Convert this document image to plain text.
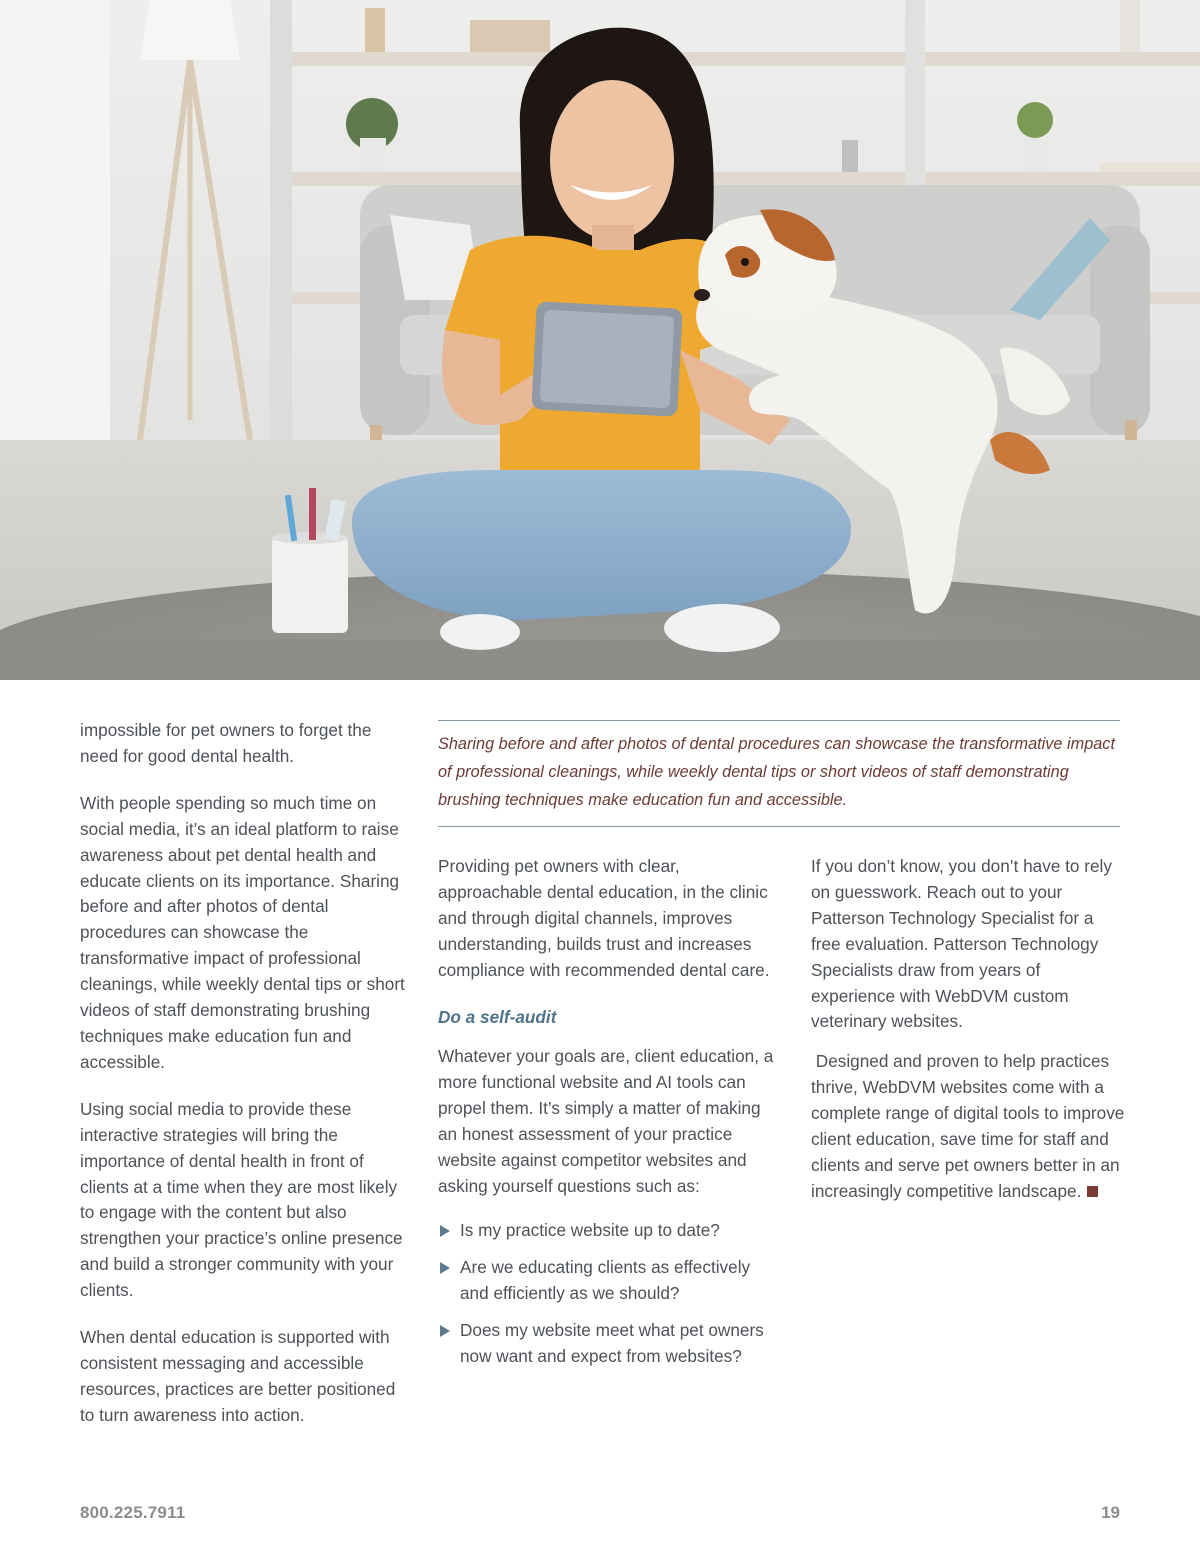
impossible for pet owners to forget the need for good dental health.

With people spending so much time on social media, it’s an ideal platform to raise awareness about pet dental health and educate clients on its importance. Sharing before and after photos of dental procedures can showcase the transformative impact of professional cleanings, while weekly dental tips or short videos of staff demonstrating brushing techniques make education fun and accessible.

Using social media to provide these interactive strategies will bring the importance of dental health in front of clients at a time when they are most likely to engage with the content but also strengthen your practice’s online presence and build a stronger community with your clients.

When dental education is supported with consistent messaging and accessible resources, practices are better positioned to turn awareness into action.

Sharing before and after photos of dental procedures can showcase the transformative impact of professional cleanings, while weekly dental tips or short videos of staff demonstrating brushing techniques make education fun and accessible.

Providing pet owners with clear, approachable dental education, in the clinic and through digital channels, improves understanding, builds trust and increases compliance with recommended dental care.

Do a self-audit

Whatever your goals are, client education, a more functional website and AI tools can propel them. It’s simply a matter of making an honest assessment of your practice website against competitor websites and asking yourself questions such as:

Is my practice website up to date?
Are we educating clients as effectively and efficiently as we should?
Does my website meet what pet owners now want and expect from websites?

If you don’t know, you don’t have to rely on guesswork. Reach out to your Patterson Technology Specialist for a free evaluation. Patterson Technology Specialists draw from years of experience with WebDVM custom veterinary websites.

Designed and proven to help practices thrive, WebDVM websites come with a complete range of digital tools to improve client education, save time for staff and clients and serve pet owners better in an increasingly competitive landscape.

800.225.7911	19
